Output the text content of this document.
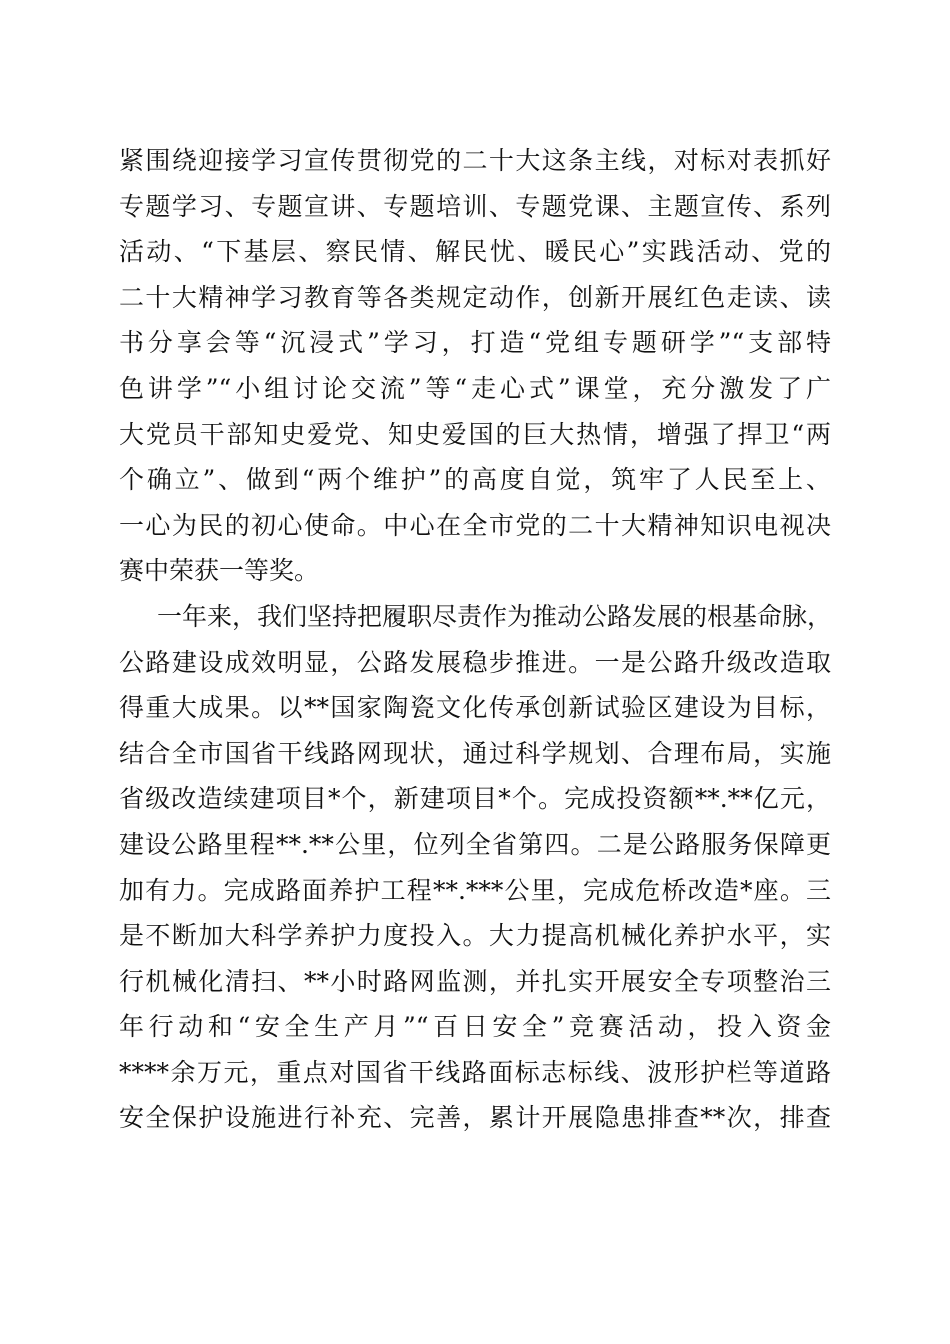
紧围绕迎接学习宣传贯彻党的二十大这条主线，对标对表抓好
专题学习、专题宣讲、专题培训、专题党课、主题宣传、系列
活动、“下基层、察民情、解民忧、暖民心”实践活动、党的
二十大精神学习教育等各类规定动作，创新开展红色走读、读
书分享会等“沉浸式”学习，打造“党组专题研学”“支部特
色讲学”“小组讨论交流”等“走心式”课堂，充分激发了广
大党员干部知史爱党、知史爱国的巨大热情，增强了捍卫“两
个确立”、做到“两个维护”的高度自觉，筑牢了人民至上、
一心为民的初心使命。中心在全市党的二十大精神知识电视决
赛中荣获一等奖。
一年来，我们坚持把履职尽责作为推动公路发展的根基命脉，
公路建设成效明显，公路发展稳步推进。一是公路升级改造取
得重大成果。以**国家陶瓷文化传承创新试验区建设为目标，
结合全市国省干线路网现状，通过科学规划、合理布局，实施
省级改造续建项目*个，新建项目*个。完成投资额**.**亿元，
建设公路里程**.**公里，位列全省第四。二是公路服务保障更
加有力。完成路面养护工程**.***公里，完成危桥改造*座。三
是不断加大科学养护力度投入。大力提高机械化养护水平，实
行机械化清扫、**小时路网监测，并扎实开展安全专项整治三
年行动和“安全生产月”“百日安全”竞赛活动，投入资金
****余万元，重点对国省干线路面标志标线、波形护栏等道路
安全保护设施进行补充、完善，累计开展隐患排查**次，排查
